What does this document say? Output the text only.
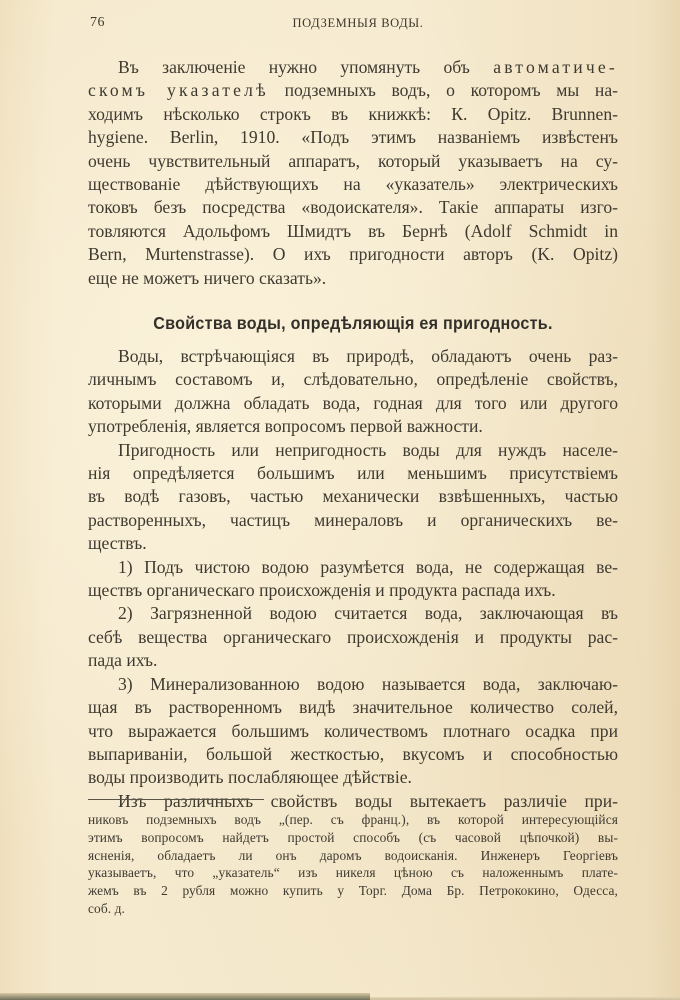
76	ПОДЗЕМНЫЯ ВОДЫ.
Въ заключеніе нужно упомянуть объ автоматиче-
скомъ указателѣ подземныхъ водъ, о которомъ мы на-
ходимъ нѣсколько строкъ въ книжкѣ: К. Opitz. Brunnen-
hygiene. Berlin, 1910. «Подъ этимъ названіемъ извѣстенъ
очень чувствительный аппаратъ, который указываетъ на су-
ществованіе дѣйствующихъ на «указатель» электрическихъ
токовъ безъ посредства «водоискателя». Такіе аппараты изго-
товляются Адольфомъ Шмидтъ въ Бернѣ (Adolf Schmidt in
Bern, Murtenstrasse). О ихъ пригодности авторъ (K. Opitz)
еще не можетъ ничего сказать».
Свойства воды, опредѣляющія ея пригодность.
Воды, встрѣчающіяся въ природѣ, обладаютъ очень раз-
личнымъ составомъ и, слѣдовательно, опредѣленіе свойствъ,
которыми должна обладать вода, годная для того или другого
употребленія, является вопросомъ первой важности.
Пригодность или непригодность воды для нуждъ населе-
нія опредѣляется большимъ или меньшимъ присутствіемъ
въ водѣ газовъ, частью механически взвѣшенныхъ, частью
растворенныхъ, частицъ минераловъ и органическихъ ве-
ществъ.
1) Подъ чистою водою разумѣется вода, не содержащая ве-
ществъ органическаго происхожденія и продукта распада ихъ.
2) Загрязненной водою считается вода, заключающая въ
себѣ вещества органическаго происхожденія и продукты рас-
пада ихъ.
3) Минерализованною водою называется вода, заключаю-
щая въ растворенномъ видѣ значительное количество солей,
что выражается большимъ количествомъ плотнаго осадка при
выпариваніи, большой жесткостью, вкусомъ и способностью
воды производить послабляющее дѣйствіе.
Изъ различныхъ свойствъ воды вытекаетъ различіе при-
никовъ подземныхъ водъ „(пер. съ франц.), въ которой интересующійся
этимъ вопросомъ найдетъ простой способъ (съ часовой цѣпочкой) вы-
ясненія, обладаетъ ли онъ даромъ водоисканія. Инженеръ Георгіевъ
указываетъ, что „указатель“ изъ никеля цѣною съ наложеннымъ плате-
жемъ въ 2 рубля можно купить у Торг. Дома Бр. Петрококино, Одесса,
соб. д.
